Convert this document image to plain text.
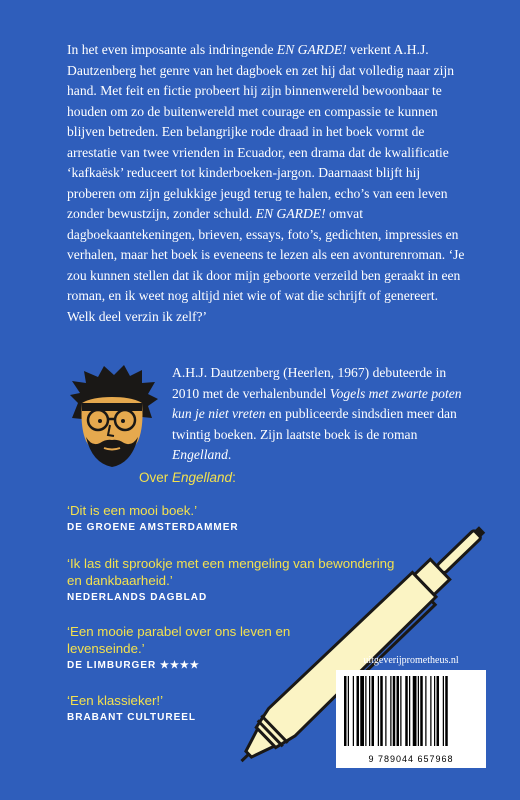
In het even imposante als indringende EN GARDE! verkent A.H.J. Dautzenberg het genre van het dagboek en zet hij dat volledig naar zijn hand. Met feit en fictie probeert hij zijn binnenwereld bewoonbaar te houden om zo de buitenwereld met courage en compassie te kunnen blijven betreden. Een belangrijke rode draad in het boek vormt de arrestatie van twee vrienden in Ecuador, een drama dat de kwalificatie ‘kafkaësk’ reduceert tot kinderboeken-jargon. Daarnaast blijft hij proberen om zijn gelukkige jeugd terug te halen, echo’s van een leven zonder bewustzijn, zonder schuld. EN GARDE! omvat dagboekaantekeningen, brieven, essays, foto’s, gedichten, impressies en verhalen, maar het boek is eveneens te lezen als een avonturenroman. ‘Je zou kunnen stellen dat ik door mijn geboorte verzeild ben geraakt in een roman, en ik weet nog altijd niet wie of wat die schrijft of genereert. Welk deel verzin ik zelf?’

A.H.J. Dautzenberg (Heerlen, 1967) debuteerde in 2010 met de verhalenbundel Vogels met zwarte poten kun je niet vreten en publiceerde sindsdien meer dan twintig boeken. Zijn laatste boek is de roman Engelland.

Over Engelland:

‘Dit is een mooi boek.’

DE GROENE AMSTERDAMMER

‘Ik las dit sprookje met een mengeling van bewondering en dankbaarheid.’

NEDERLANDS DAGBLAD

‘Een mooie parabel over ons leven en levenseinde.’

DE LIMBURGER ★★★★

‘Een klassieker!’

BRABANT CULTUREEL

uitgeverijprometheus.nl
9 789044 657968
